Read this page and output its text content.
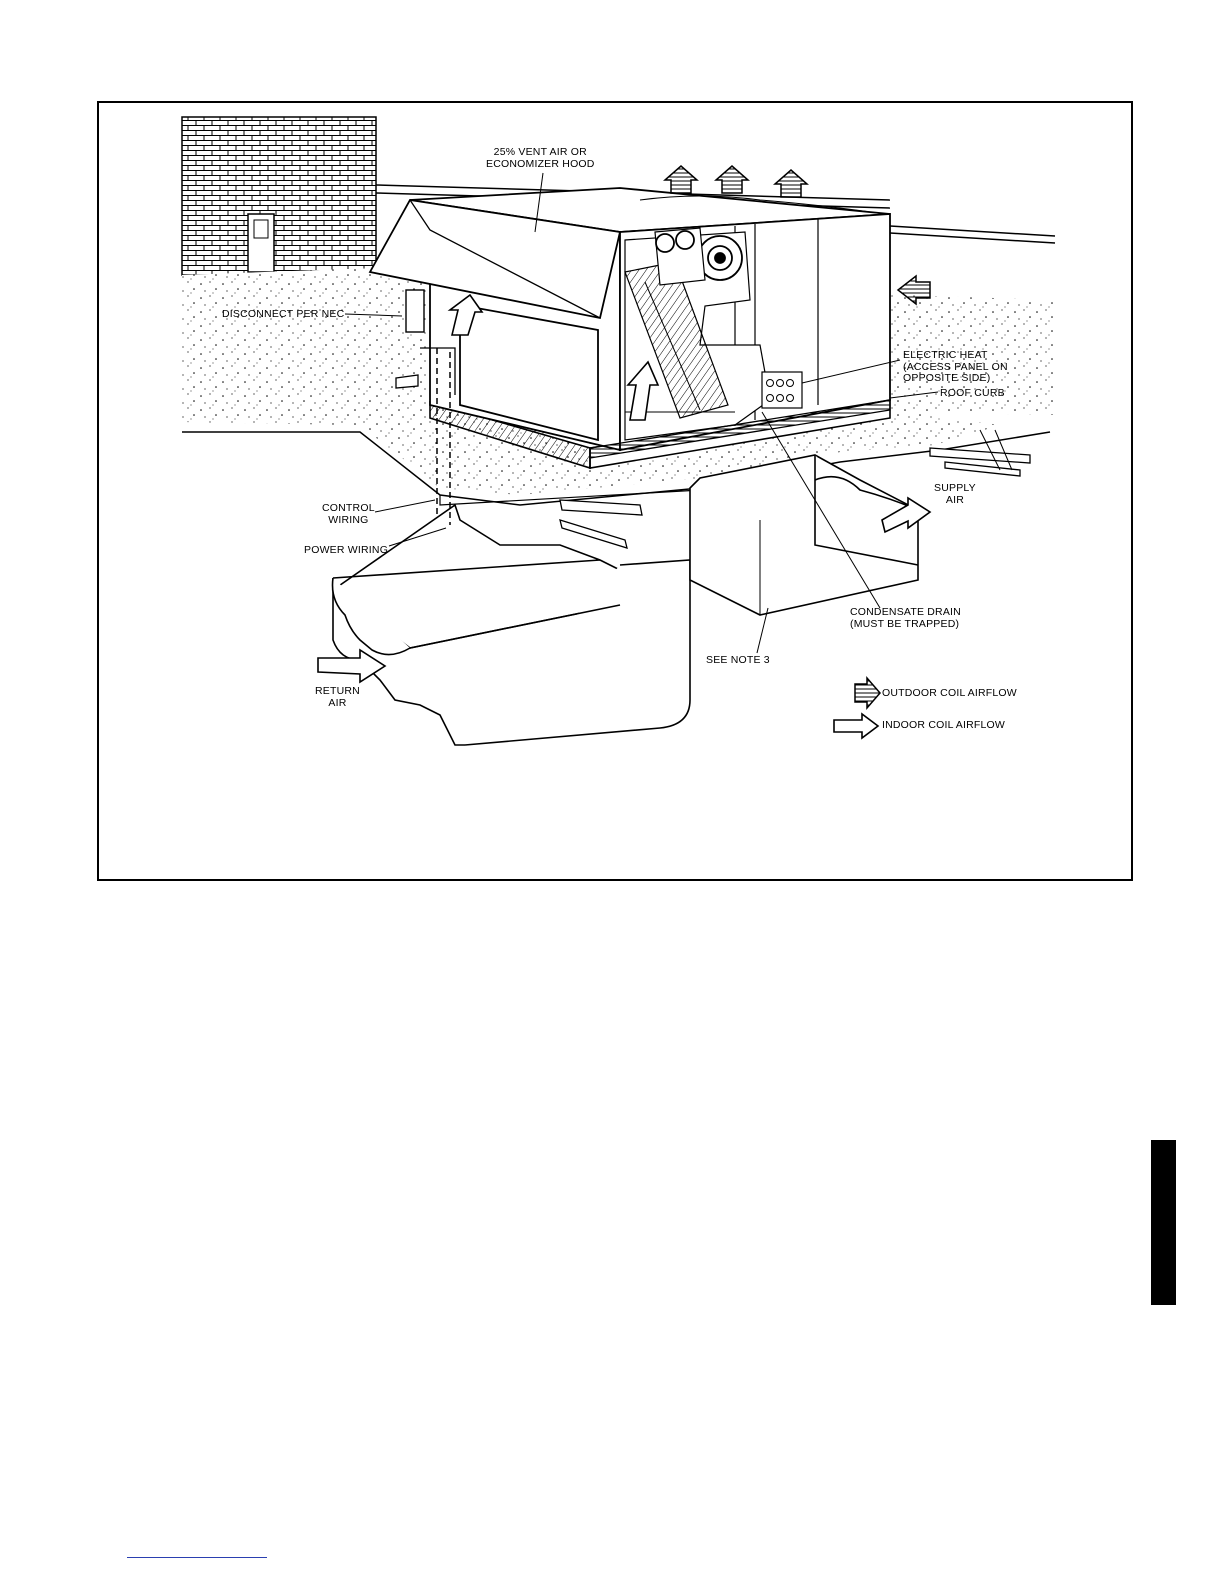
25% VENT AIR OR
ECONOMIZER HOOD
DISCONNECT PER NEC
ELECTRIC HEAT
(ACCESS PANEL ON
OPPOSITE SIDE)
ROOF CURB
CONTROL
WIRING
POWER WIRING
SUPPLY
AIR
CONDENSATE DRAIN
(MUST BE TRAPPED)
SEE NOTE 3
RETURN
AIR
OUTDOOR COIL AIRFLOW
INDOOR COIL AIRFLOW
